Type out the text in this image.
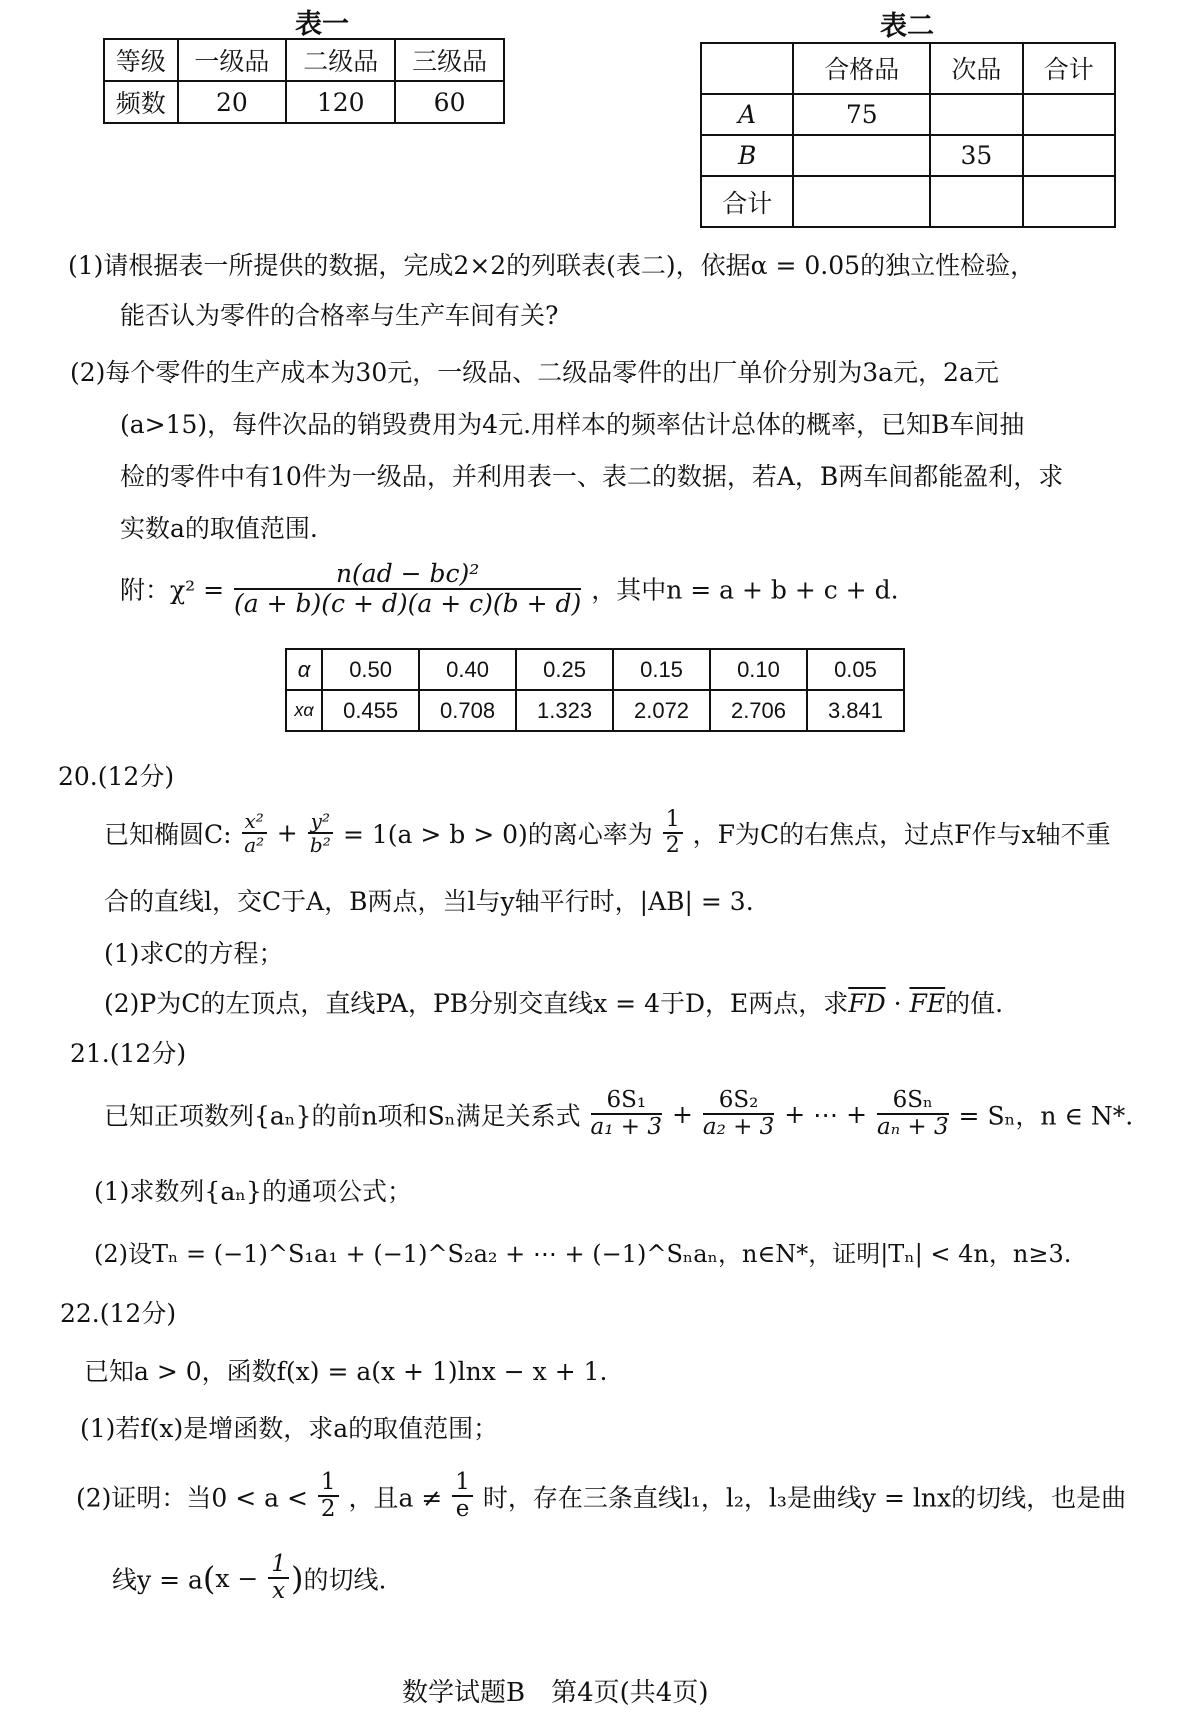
表一
等级	一级品	二级品	三级品
频数	20	120	60
表二
	合格品	次品	合计
A	75		
B		35	
合计			
(1)请根据表一所提供的数据，完成2×2的列联表(表二)，依据α = 0.05的独立性检验，
能否认为零件的合格率与生产车间有关?
(2)每个零件的生产成本为30元，一级品、二级品零件的出厂单价分别为3a元，2a元
(a>15)，每件次品的销毁费用为4元.用样本的频率估计总体的概率，已知B车间抽
检的零件中有10件为一级品，并利用表一、表二的数据，若A，B两车间都能盈利，求
实数a的取值范围.
附：$\chi^2 = \frac{\text{n(ad − bc)²}}{(a + b)(c + d)(a + c)(b + d)}$ ，其中n = a + b + c + d.
α	0.50	0.40	0.25	0.15	0.10	0.05
xα	0.455	0.708	1.323	2.072	2.706	3.841
20.(12分)
已知椭圆C: $\frac{\text{x²}}{\text{a²}} + \frac{\text{y²}}{\text{b²}} = 1(a > b > 0)$的离心率为 $\frac{1}{2}$ ，F为C的右焦点，过点F作与x轴不重
合的直线l，交C于A，B两点，当l与y轴平行时，|AB| = 3.
(1)求C的方程；
(2)P为C的左顶点，直线PA，PB分别交直线x = 4于D，E两点，求$\overline{FD} \cdot \overline{FE}$的值.
21.(12分)
已知正项数列{aₙ}的前n项和Sₙ满足关系式 $\frac{\text{6S₁}}{\text{a₁ + 3}} + \frac{\text{6S₂}}{\text{a₂ + 3}}$ + ⋯ + $\frac{\text{6Sₙ}}{\text{aₙ + 3}} = S_n$，n ∈ N*.
(1)求数列{aₙ}的通项公式；
(2)设Tₙ = (−1)^S₁a₁ + (−1)^S₂a₂ + ⋯ + (−1)^Sₙaₙ，n∈N*，证明|Tₙ| < 4n，n≥3.
22.(12分)
已知a > 0，函数f(x) = a(x + 1)lnx − x + 1.
(1)若f(x)是增函数，求a的取值范围；
(2)证明：当$0 < a < \frac{1}{2}$ ，且$a \ne \frac{1}{e}$ 时，存在三条直线l₁，l₂，l₃是曲线y = lnx的切线，也是曲
线$y = a(x - \frac{1}{x}$ )的切线.
数学试题B　第4页(共4页)
